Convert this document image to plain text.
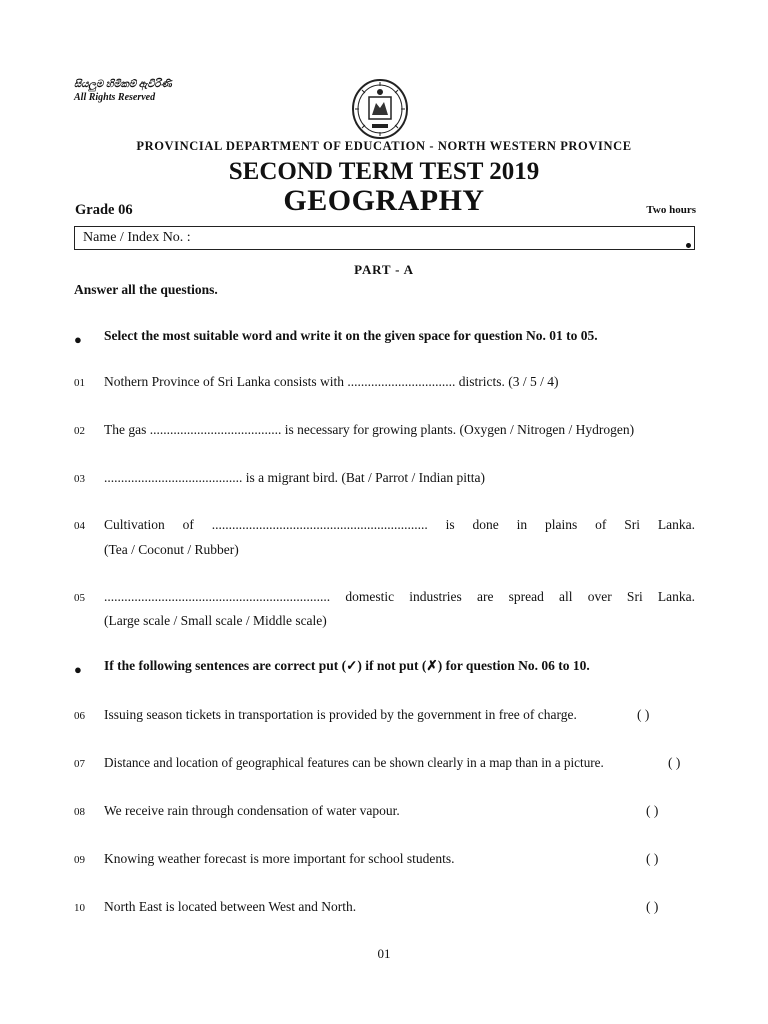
සියලුම හිමිකම් ඇවිරිණි
All Rights Reserved
PROVINCIAL DEPARTMENT OF EDUCATION - NORTH WESTERN PROVINCE
SECOND TERM TEST 2019
GEOGRAPHY
Grade 06	Two hours
Name / Index No. :
PART - A
Answer all the questions.
● Select the most suitable word and write it on the given space for question No. 01 to 05.
01 Nothern Province of Sri Lanka consists with ................................ districts. (3 / 5 / 4)
02 The gas ....................................... is necessary for growing plants. (Oxygen / Nitrogen / Hydrogen)
03 ......................................... is a migrant bird. (Bat / Parrot / Indian pitta)
04 Cultivation of ................................................................ is done in plains of Sri Lanka.
(Tea / Coconut / Rubber)
05 ................................................................... domestic industries are spread all over Sri Lanka.
(Large scale / Small scale / Middle scale)
● If the following sentences are correct put (✓) if not put (✗) for question No. 06 to 10.
06 Issuing season tickets in transportation is provided by the government in free of charge.	( )
07 Distance and location of geographical features can be shown clearly in a map than in a picture.	( )
08 We receive rain through condensation of water vapour.	( )
09 Knowing weather forecast is more important for school students.	( )
10 North East is located between West and North.	( )
01
